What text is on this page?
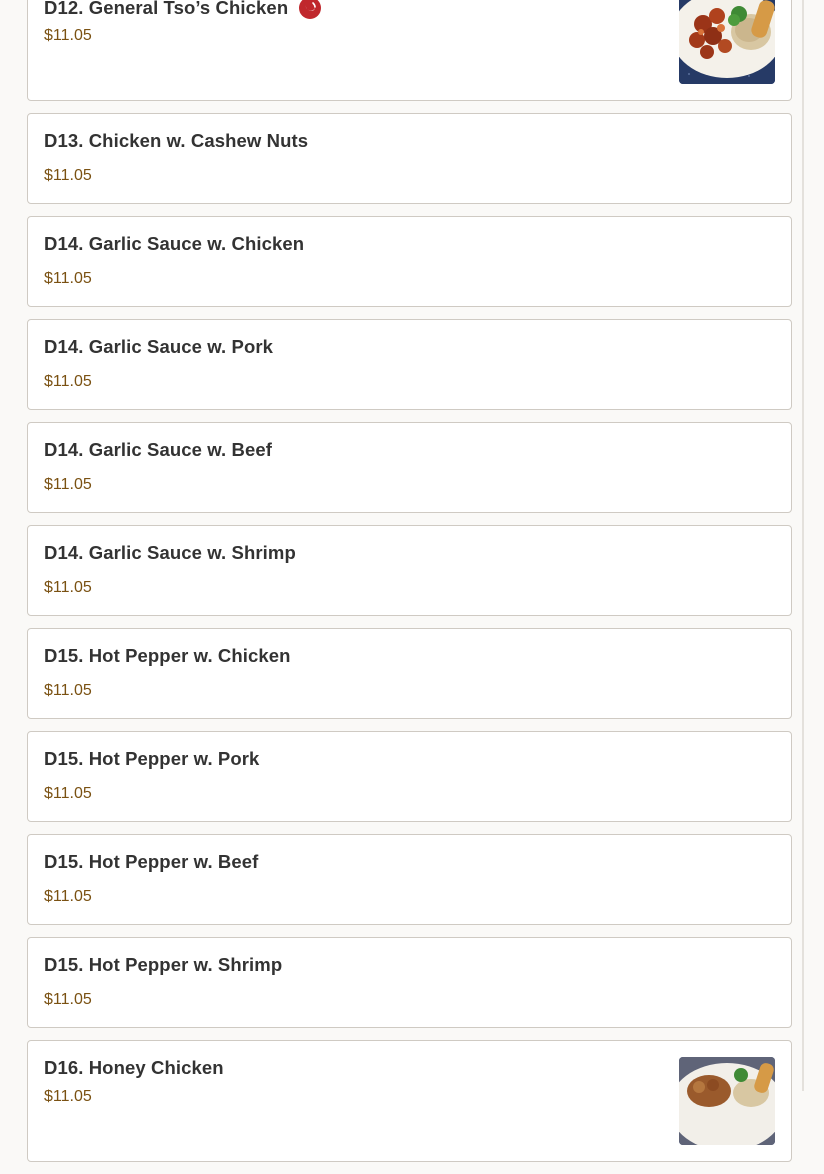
D12. General Tso’s Chicken
$11.05
D13. Chicken w. Cashew Nuts
$11.05
D14. Garlic Sauce w. Chicken
$11.05
D14. Garlic Sauce w. Pork
$11.05
D14. Garlic Sauce w. Beef
$11.05
D14. Garlic Sauce w. Shrimp
$11.05
D15. Hot Pepper w. Chicken
$11.05
D15. Hot Pepper w. Pork
$11.05
D15. Hot Pepper w. Beef
$11.05
D15. Hot Pepper w. Shrimp
$11.05
D16. Honey Chicken
$11.05
